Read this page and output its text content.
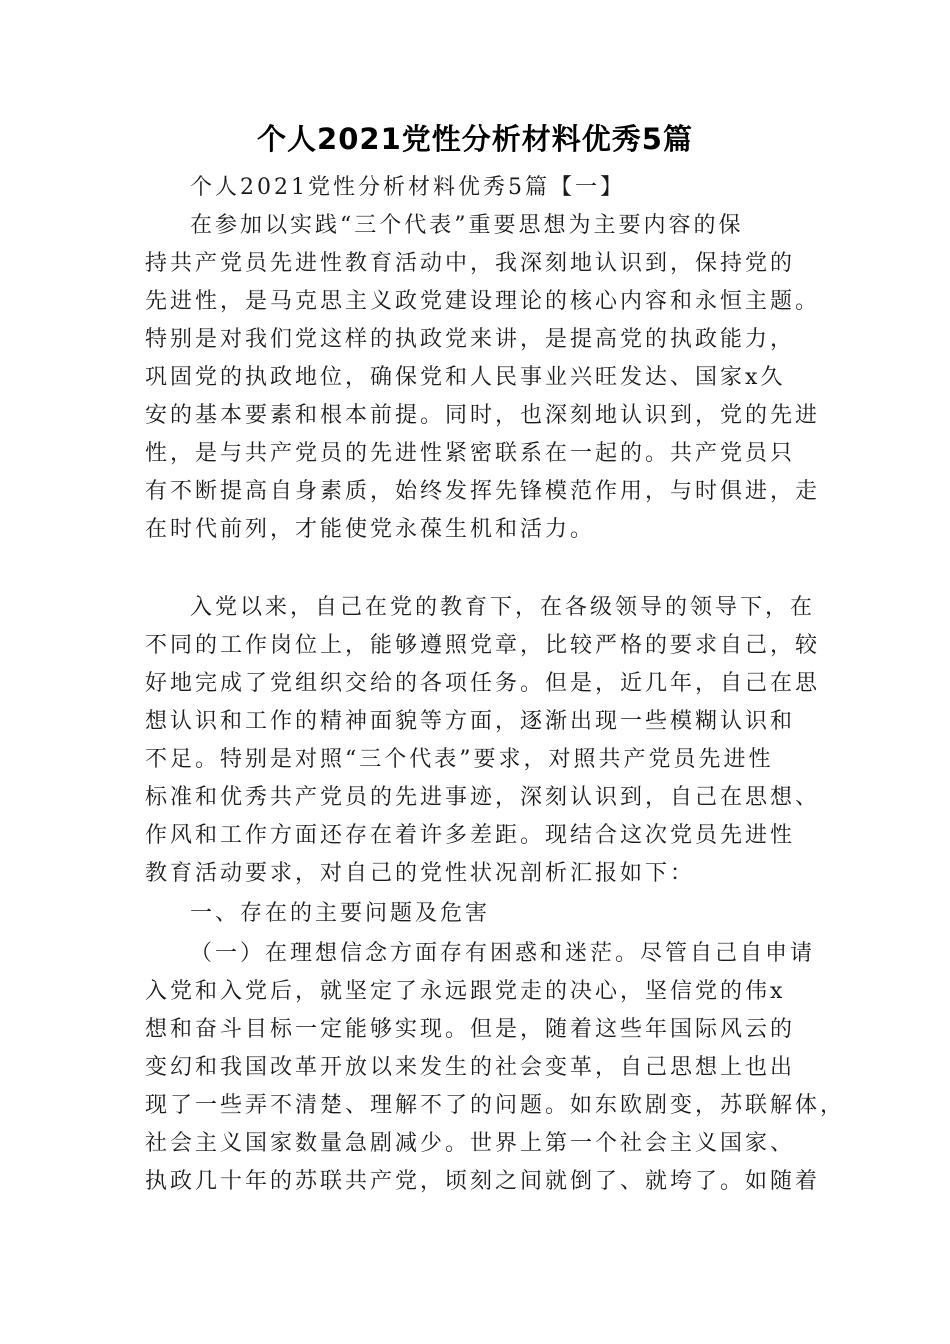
个人2021党性分析材料优秀5篇
个人2021党性分析材料优秀5篇【一】
在参加以实践“三个代表”重要思想为主要内容的保
持共产党员先进性教育活动中，我深刻地认识到，保持党的
先进性，是马克思主义政党建设理论的核心内容和永恒主题。
特别是对我们党这样的执政党来讲，是提高党的执政能力，
巩固党的执政地位，确保党和人民事业兴旺发达、国家x久
安的基本要素和根本前提。同时，也深刻地认识到，党的先进
性，是与共产党员的先进性紧密联系在一起的。共产党员只
有不断提高自身素质，始终发挥先锋模范作用，与时俱进，走
在时代前列，才能使党永葆生机和活力。
入党以来，自己在党的教育下，在各级领导的领导下，在
不同的工作岗位上，能够遵照党章，比较严格的要求自己，较
好地完成了党组织交给的各项任务。但是，近几年，自己在思
想认识和工作的精神面貌等方面，逐渐出现一些模糊认识和
不足。特别是对照“三个代表”要求，对照共产党员先进性
标准和优秀共产党员的先进事迹，深刻认识到，自己在思想、
作风和工作方面还存在着许多差距。现结合这次党员先进性
教育活动要求，对自己的党性状况剖析汇报如下：
一、存在的主要问题及危害
（一）在理想信念方面存有困惑和迷茫。尽管自己自申请
入党和入党后，就坚定了永远跟党走的决心，坚信党的伟x
想和奋斗目标一定能够实现。但是，随着这些年国际风云的
变幻和我国改革开放以来发生的社会变革，自己思想上也出
现了一些弄不清楚、理解不了的问题。如东欧剧变，苏联解体，
社会主义国家数量急剧减少。世界上第一个社会主义国家、
执政几十年的苏联共产党，顷刻之间就倒了、就垮了。如随着
